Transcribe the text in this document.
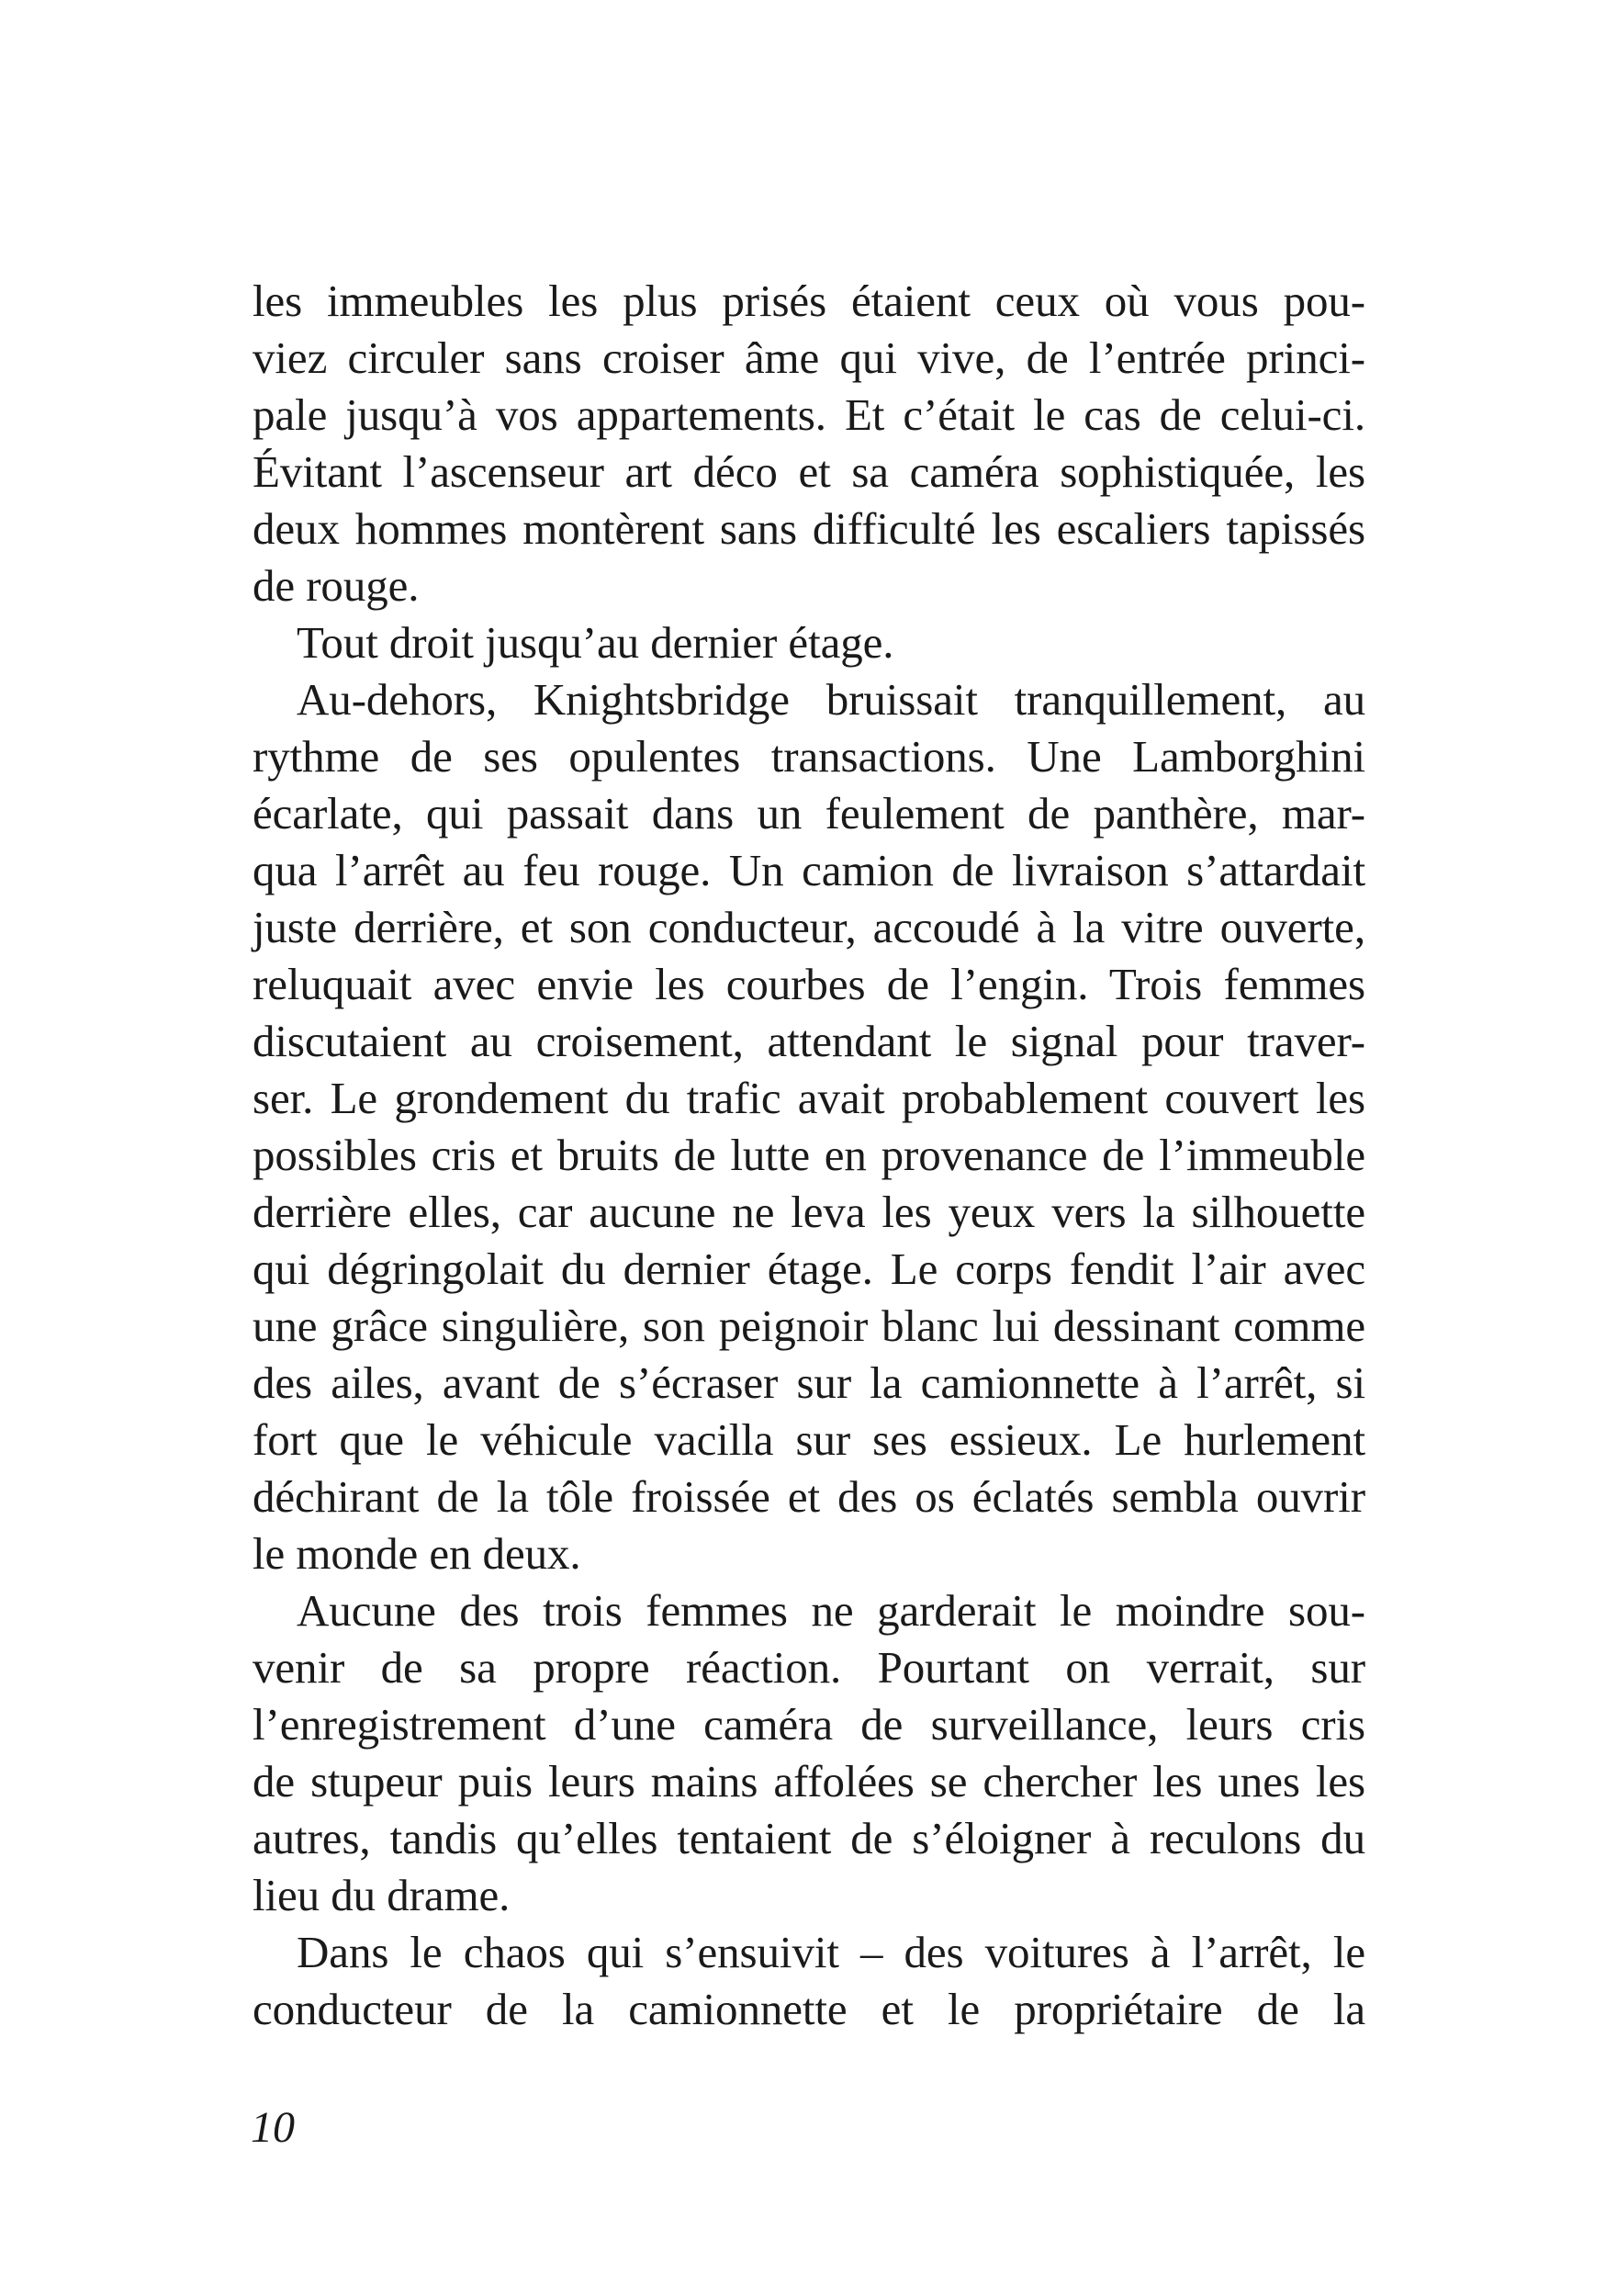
les immeubles les plus prisés étaient ceux où vous pou-
viez circuler sans croiser âme qui vive, de l’entrée princi-
pale jusqu’à vos appartements. Et c’était le cas de celui-ci.
Évitant l’ascenseur art déco et sa caméra sophistiquée, les
deux hommes montèrent sans difficulté les escaliers tapissés
de rouge.
Tout droit jusqu’au dernier étage.
Au-dehors, Knightsbridge bruissait tranquillement, au
rythme de ses opulentes transactions. Une Lamborghini
écarlate, qui passait dans un feulement de panthère, mar-
qua l’arrêt au feu rouge. Un camion de livraison s’attardait
juste derrière, et son conducteur, accoudé à la vitre ouverte,
reluquait avec envie les courbes de l’engin. Trois femmes
discutaient au croisement, attendant le signal pour traver-
ser. Le grondement du trafic avait probablement couvert les
possibles cris et bruits de lutte en provenance de l’immeuble
derrière elles, car aucune ne leva les yeux vers la silhouette
qui dégringolait du dernier étage. Le corps fendit l’air avec
une grâce singulière, son peignoir blanc lui dessinant comme
des ailes, avant de s’écraser sur la camionnette à l’arrêt, si
fort que le véhicule vacilla sur ses essieux. Le hurlement
déchirant de la tôle froissée et des os éclatés sembla ouvrir
le monde en deux.
Aucune des trois femmes ne garderait le moindre sou-
venir de sa propre réaction. Pourtant on verrait, sur
l’enregistrement d’une caméra de surveillance, leurs cris
de stupeur puis leurs mains affolées se chercher les unes les
autres, tandis qu’elles tentaient de s’éloigner à reculons du
lieu du drame.
Dans le chaos qui s’ensuivit – des voitures à l’arrêt, le
conducteur de la camionnette et le propriétaire de la
10
